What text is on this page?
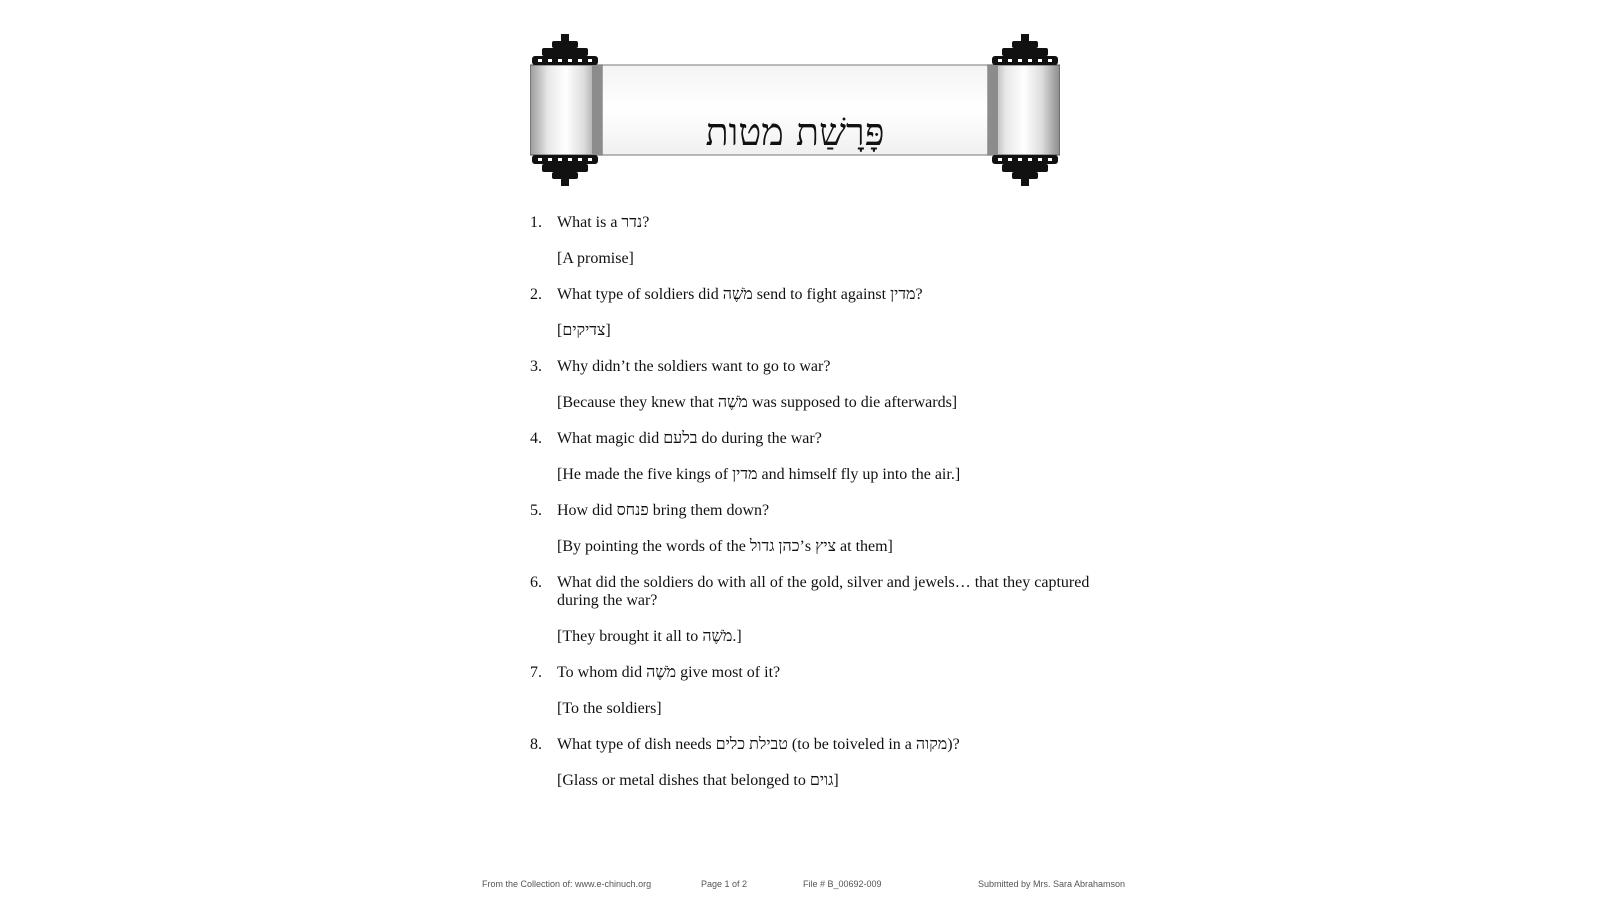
פָּרָשַׁת מטות
1. What is a נדר?
[A promise]
2. What type of soldiers did מֹשֶׁה send to fight against מדין?
[צדיקים]
3. Why didn’t the soldiers want to go to war?
[Because they knew that מֹשֶׁה was supposed to die afterwards]
4. What magic did בלעם do during the war?
[He made the five kings of מדין and himself fly up into the air.]
5. How did פנחס bring them down?
[By pointing the words of the כהן גדול’s ציץ at them]
6. What did the soldiers do with all of the gold, silver and jewels… that they captured during the war?
[They brought it all to מֹשֶׁה.]
7. To whom did מֹשֶׁה give most of it?
[To the soldiers]
8. What type of dish needs טבילת כלים (to be toiveled in a מקוה)?
[Glass or metal dishes that belonged to גוים]
From the Collection of: www.e-chinuch.org	Page 1 of 2	File # B_00692-009	Submitted by Mrs. Sara Abrahamson
